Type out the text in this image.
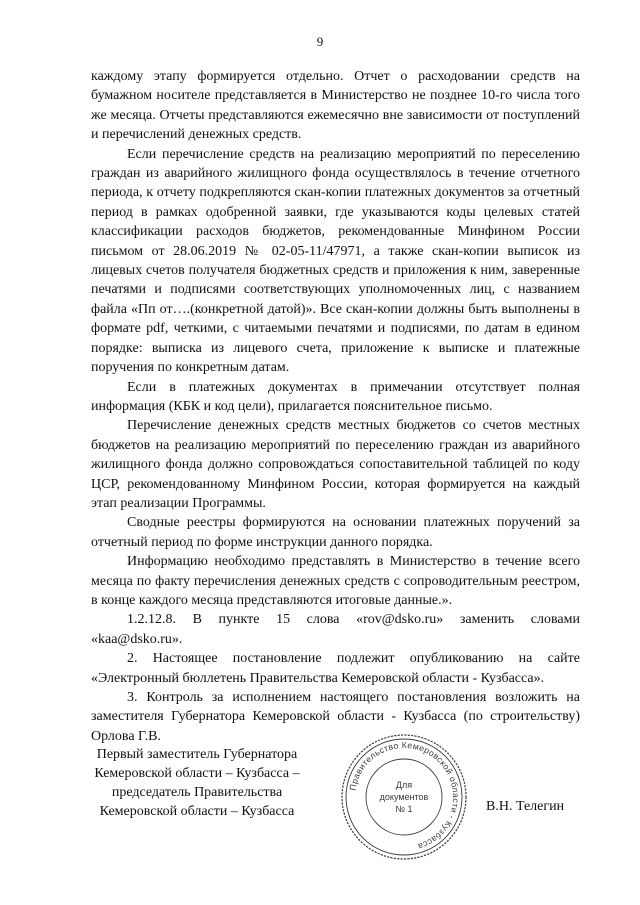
9

каждому этапу формируется отдельно. Отчет о расходовании средств на бумажном носителе представляется в Министерство не позднее 10-го числа того же месяца. Отчеты представляются ежемесячно вне зависимости от поступлений и перечислений денежных средств.

Если перечисление средств на реализацию мероприятий по переселению граждан из аварийного жилищного фонда осуществлялось в течение отчетного периода, к отчету подкрепляются скан-копии платежных документов за отчетный период в рамках одобренной заявки, где указываются коды целевых статей классификации расходов бюджетов, рекомендованные Минфином России письмом от 28.06.2019 № 02-05-11/47971, а также скан-копии выписок из лицевых счетов получателя бюджетных средств и приложения к ним, заверенные печатями и подписями соответствующих уполномоченных лиц, с названием файла «Пп от….(конкретной датой)». Все скан-копии должны быть выполнены в формате pdf, четкими, с читаемыми печатями и подписями, по датам в едином порядке: выписка из лицевого счета, приложение к выписке и платежные поручения по конкретным датам.

Если в платежных документах в примечании отсутствует полная информация (КБК и код цели), прилагается пояснительное письмо.

Перечисление денежных средств местных бюджетов со счетов местных бюджетов на реализацию мероприятий по переселению граждан из аварийного жилищного фонда должно сопровождаться сопоставительной таблицей по коду ЦСР, рекомендованному Минфином России, которая формируется на каждый этап реализации Программы.

Сводные реестры формируются на основании платежных поручений за отчетный период по форме инструкции данного порядка.

Информацию необходимо представлять в Министерство в течение всего месяца по факту перечисления денежных средств с сопроводительным реестром, в конце каждого месяца представляются итоговые данные.».

1.2.12.8. В пункте 15 слова «rov@dsko.ru» заменить словами «kaa@dsko.ru».

2. Настоящее постановление подлежит опубликованию на сайте «Электронный бюллетень Правительства Кемеровской области - Кузбасса».

3. Контроль за исполнением настоящего постановления возложить на заместителя Губернатора Кемеровской области - Кузбасса (по строительству) Орлова Г.В.

Первый заместитель Губернатора
Кемеровской области – Кузбасса –
председатель Правительства
Кемеровской области – Кузбасса
Правительство Кемеровской области - Кузбасса
Для
документов
№ 1	В.Н. Телегин
